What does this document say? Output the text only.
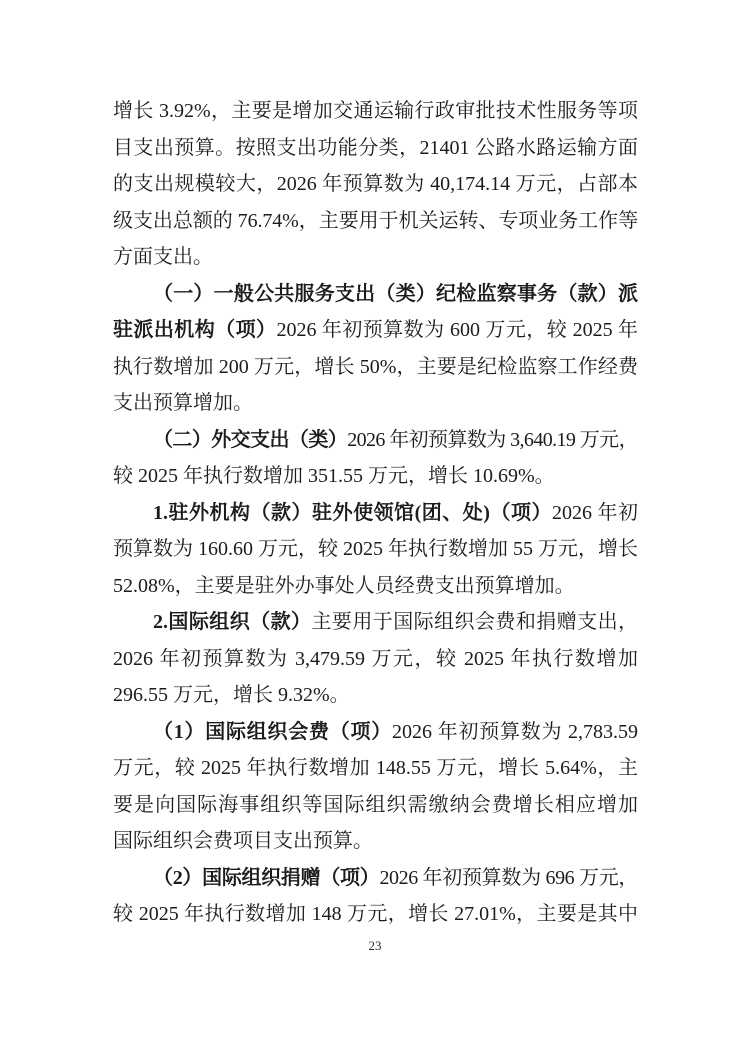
增长 3.92%，主要是增加交通运输行政审批技术性服务等项
目支出预算。按照支出功能分类，21401 公路水路运输方面
的支出规模较大，2026 年预算数为 40,174.14 万元，占部本
级支出总额的 76.74%，主要用于机关运转、专项业务工作等
方面支出。
（一）一般公共服务支出（类）纪检监察事务（款）派
驻派出机构（项）2026 年初预算数为 600 万元，较 2025 年
执行数增加 200 万元，增长 50%，主要是纪检监察工作经费
支出预算增加。
（二）外交支出（类）2026 年初预算数为 3,640.19 万元，
较 2025 年执行数增加 351.55 万元，增长 10.69%。
1.驻外机构（款）驻外使领馆(团、处)（项）2026 年初
预算数为 160.60 万元，较 2025 年执行数增加 55 万元，增长
52.08%，主要是驻外办事处人员经费支出预算增加。
2.国际组织（款）主要用于国际组织会费和捐赠支出，
2026 年初预算数为 3,479.59 万元，较 2025 年执行数增加
296.55 万元，增长 9.32%。
（1）国际组织会费（项）2026 年初预算数为 2,783.59
万元，较 2025 年执行数增加 148.55 万元，增长 5.64%，主
要是向国际海事组织等国际组织需缴纳会费增长相应增加
国际组织会费项目支出预算。
（2）国际组织捐赠（项）2026 年初预算数为 696 万元，
较 2025 年执行数增加 148 万元，增长 27.01%，主要是其中
23
